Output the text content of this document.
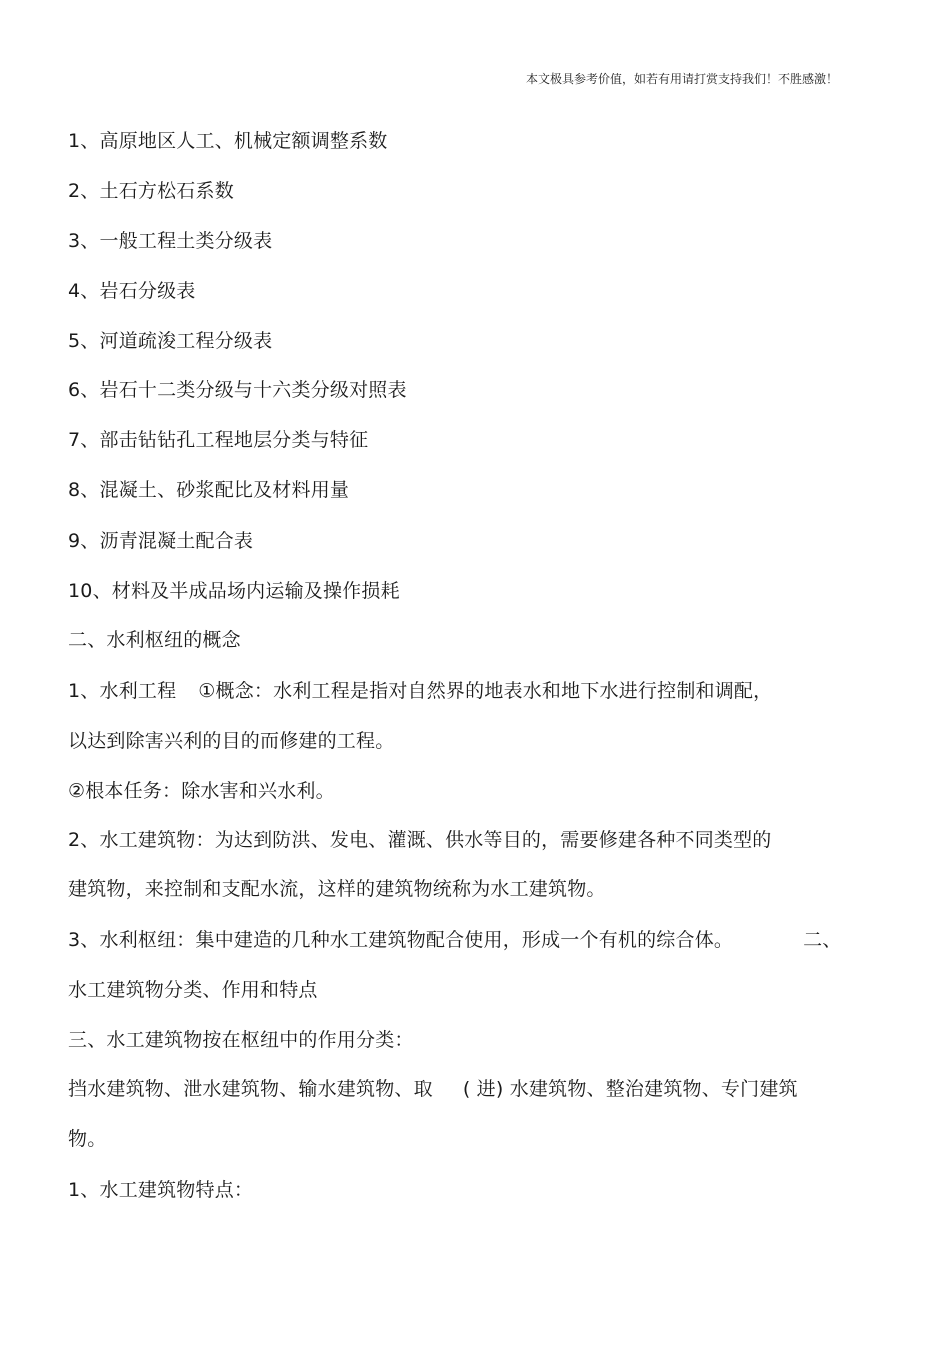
本文极具参考价值，如若有用请打赏支持我们！不胜感激！
1、高原地区人工、机械定额调整系数
2、土石方松石系数
3、一般工程土类分级表
4、岩石分级表
5、河道疏浚工程分级表
6、岩石十二类分级与十六类分级对照表
7、部击钻钻孔工程地层分类与特征
8、混凝土、砂浆配比及材料用量
9、沥青混凝土配合表
10、材料及半成品场内运输及操作损耗
二、水利枢纽的概念
1、水利工程 ①概念：水利工程是指对自然界的地表水和地下水进行控制和调配，
以达到除害兴利的目的而修建的工程。
②根本任务：除水害和兴水利。
2、水工建筑物：为达到防洪、发电、灌溉、供水等目的，需要修建各种不同类型的
建筑物，来控制和支配水流，这样的建筑物统称为水工建筑物。
3、水利枢纽：集中建造的几种水工建筑物配合使用，形成一个有机的综合体。	二、
水工建筑物分类、作用和特点
三、水工建筑物按在枢纽中的作用分类：
挡水建筑物、泄水建筑物、输水建筑物、取 ( 进) 水建筑物、整治建筑物、专门建筑
物。
1、水工建筑物特点：
